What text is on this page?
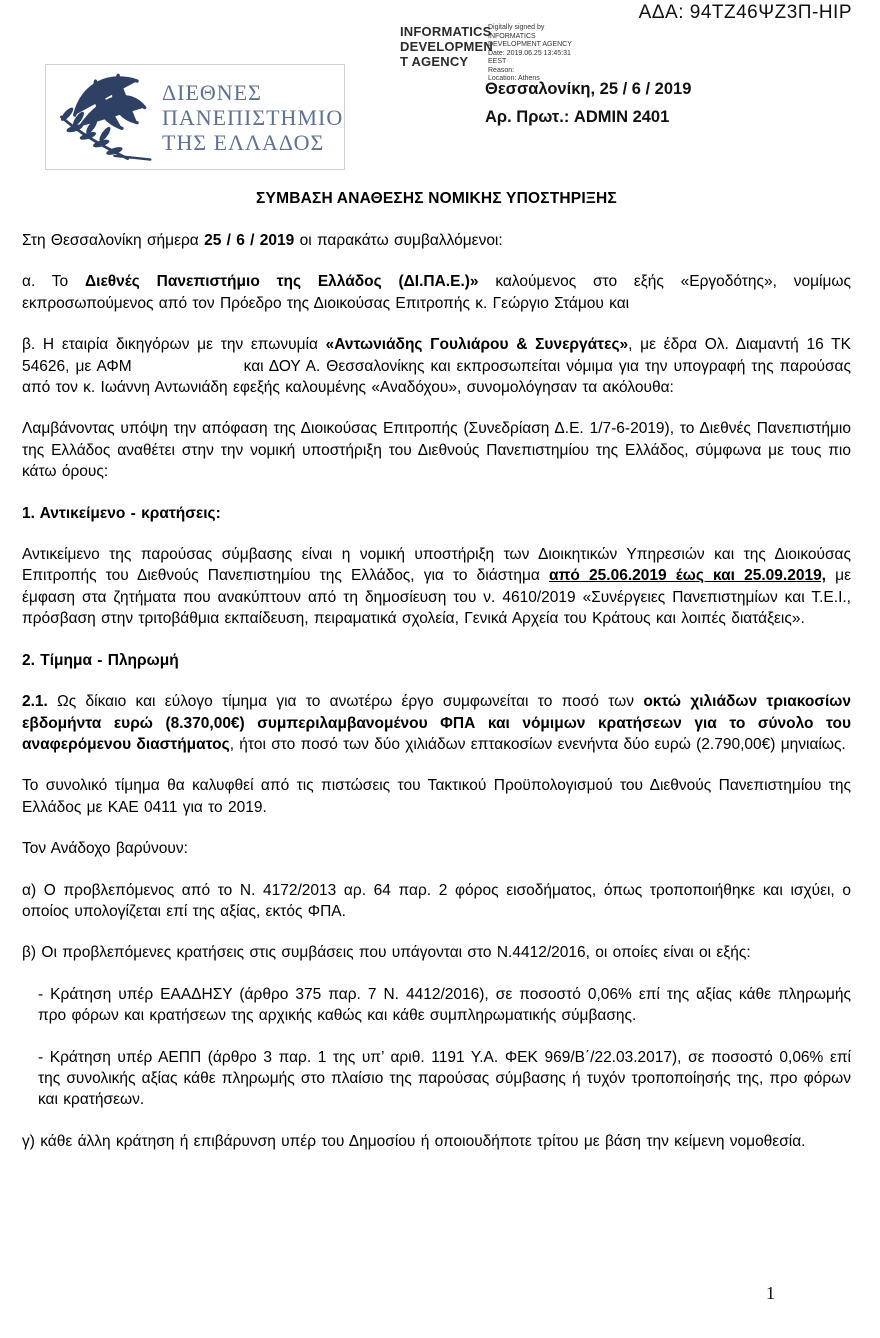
ΑΔΑ: 94ΤΖ46ΨΖ3Π-ΗΙΡ
INFORMATICS
DEVELOPMEN
T AGENCY
Digitally signed by
INFORMATICS
DEVELOPMENT AGENCY
Date: 2019.06.25 13:45:31
EEST
Reason:
Location: Athens
Θεσσαλονίκη, 25 / 6 / 2019
Αρ. Πρωτ.: ADMIN 2401
ΔΙΕΘΝΕΣ
ΠΑΝΕΠΙΣΤΗΜΙΟ
ΤΗΣ ΕΛΛΑΔΟΣ
ΣΥΜΒΑΣΗ ΑΝΑΘΕΣΗΣ ΝΟΜΙΚΗΣ ΥΠΟΣΤΗΡΙΞΗΣ

Στη Θεσσαλονίκη σήμερα 25 / 6 / 2019 οι παρακάτω συμβαλλόμενοι:

α. Το Διεθνές Πανεπιστήμιο της Ελλάδος (ΔΙ.ΠΑ.Ε.)» καλούμενος στο εξής «Εργοδότης», νομίμως εκπροσωπούμενος από τον Πρόεδρο της Διοικούσας Επιτροπής κ. Γεώργιο Στάμου και

β. Η εταιρία δικηγόρων με την επωνυμία «Αντωνιάδης Γουλιάρου & Συνεργάτες», με έδρα Ολ. Διαμαντή 16 ΤΚ 54626, με ΑΦΜ	και ΔΟΥ Α. Θεσσαλονίκης και εκπροσωπείται νόμιμα για την υπογραφή της παρούσας από τον κ. Ιωάννη Αντωνιάδη εφεξής καλουμένης «Αναδόχου», συνομολόγησαν τα ακόλουθα:

Λαμβάνοντας υπόψη την απόφαση της Διοικούσας Επιτροπής (Συνεδρίαση Δ.Ε. 1/7-6-2019), το Διεθνές Πανεπιστήμιο της Ελλάδος αναθέτει στην την νομική υποστήριξη του Διεθνούς Πανεπιστημίου της Ελλάδος, σύμφωνα με τους πιο κάτω όρους:

1. Αντικείμενο - κρατήσεις:

Αντικείμενο της παρούσας σύμβασης είναι η νομική υποστήριξη των Διοικητικών Υπηρεσιών και της Διοικούσας Επιτροπής του Διεθνούς Πανεπιστημίου της Ελλάδος, για το διάστημα από 25.06.2019 έως και 25.09.2019, με έμφαση στα ζητήματα που ανακύπτουν από τη δημοσίευση του ν. 4610/2019 «Συνέργειες Πανεπιστημίων και Τ.Ε.Ι., πρόσβαση στην τριτοβάθμια εκπαίδευση, πειραματικά σχολεία, Γενικά Αρχεία του Κράτους και λοιπές διατάξεις».

2. Τίμημα - Πληρωμή

2.1. Ως δίκαιο και εύλογο τίμημα για το ανωτέρω έργο συμφωνείται το ποσό των οκτώ χιλιάδων τριακοσίων εβδομήντα ευρώ (8.370,00€) συμπεριλαμβανομένου ΦΠΑ και νόμιμων κρατήσεων για το σύνολο του αναφερόμενου διαστήματος, ήτοι στο ποσό των δύο χιλιάδων επτακοσίων ενενήντα δύο ευρώ (2.790,00€) μηνιαίως.

Το συνολικό τίμημα θα καλυφθεί από τις πιστώσεις του Τακτικού Προϋπολογισμού του Διεθνούς Πανεπιστημίου της Ελλάδος με ΚΑΕ 0411 για το 2019.

Τον Ανάδοχο βαρύνουν:

α) Ο προβλεπόμενος από το Ν. 4172/2013 αρ. 64 παρ. 2 φόρος εισοδήματος, όπως τροποποιήθηκε και ισχύει, ο οποίος υπολογίζεται επί της αξίας, εκτός ΦΠΑ.

β) Οι προβλεπόμενες κρατήσεις στις συμβάσεις που υπάγονται στο Ν.4412/2016, οι οποίες είναι οι εξής:

- Κράτηση υπέρ ΕΑΑΔΗΣΥ (άρθρο 375 παρ. 7 Ν. 4412/2016), σε ποσοστό 0,06% επί της αξίας κάθε πληρωμής προ φόρων και κρατήσεων της αρχικής καθώς και κάθε συμπληρωματικής σύμβασης.

- Κράτηση υπέρ ΑΕΠΠ (άρθρο 3 παρ. 1 της υπ’ αριθ. 1191 Υ.Α. ΦΕΚ 969/Β΄/22.03.2017), σε ποσοστό 0,06% επί της συνολικής αξίας κάθε πληρωμής στο πλαίσιο της παρούσας σύμβασης ή τυχόν τροποποίησής της, προ φόρων και κρατήσεων.

γ) κάθε άλλη κράτηση ή επιβάρυνση υπέρ του Δημοσίου ή οποιουδήποτε τρίτου με βάση την κείμενη νομοθεσία.

1
